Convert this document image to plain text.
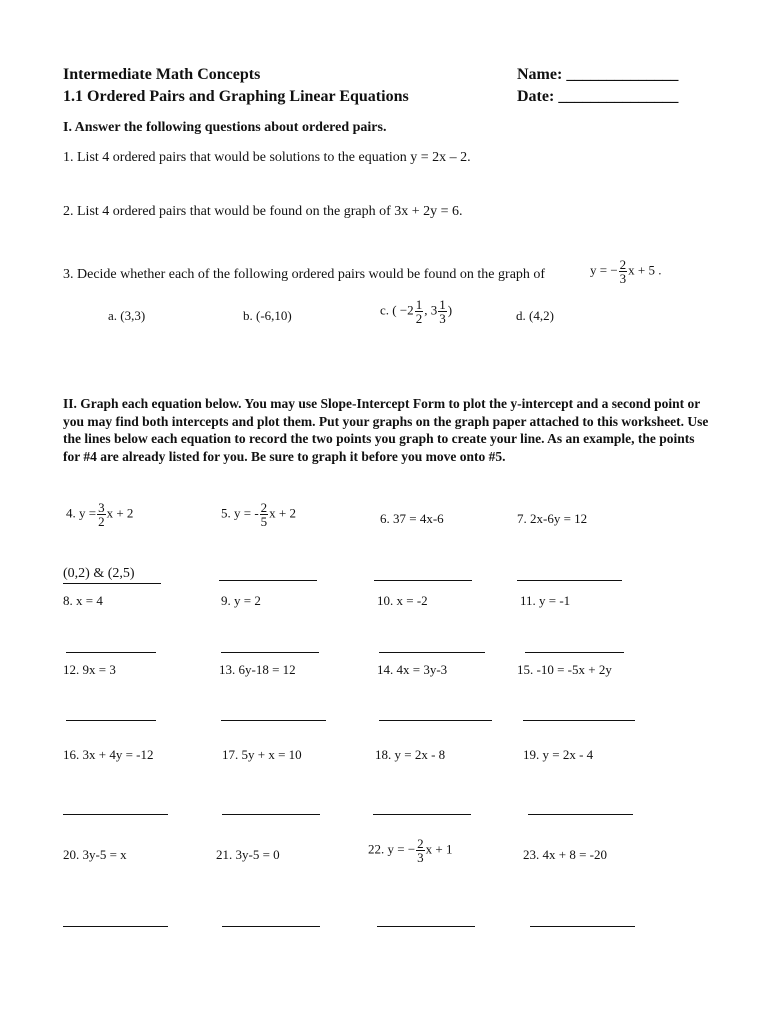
Intermediate Math Concepts
1.1 Ordered Pairs and Graphing Linear Equations
Name: ______________
Date: _______________
I. Answer the following questions about ordered pairs.
1. List 4 ordered pairs that would be solutions to the equation y = 2x – 2.
2. List 4 ordered pairs that would be found on the graph of 3x + 2y = 6.
3. Decide whether each of the following ordered pairs would be found on the graph of	y = − $\frac{2}{3}$ x + 5 .
a. (3,3)	b. (-6,10)	c. ( $-2 \frac{1}{2}$ , $3 \frac{1}{3}$ )	d. (4,2)
II. Graph each equation below. You may use Slope-Intercept Form to plot the y-intercept and a second point or you may find both intercepts and plot them. Put your graphs on the graph paper attached to this worksheet. Use the lines below each equation to record the two points you graph to create your line. As an example, the points for #4 are already listed for you. Be sure to graph it before you move onto #5.
4. $y = \frac{3}{2}$ x + 2	5. y = - $\frac{2}{5}$ x + 2	6. 37 = 4x-6	7. 2x-6y = 12
(0,2) & (2,5)
8. x = 4	9. y = 2	10. x = -2	11. y = -1
12. 9x = 3	13. 6y-18 = 12	14. 4x = 3y-3	15. -10 = -5x + 2y
16. 3x + 4y = -12	17. 5y + x = 10	18. y = 2x - 8	19. y = 2x - 4
20. 3y-5 = x	21. 3y-5 = 0	22. y = − $\frac{2}{3}$ x + 1	23. 4x + 8 = -20
